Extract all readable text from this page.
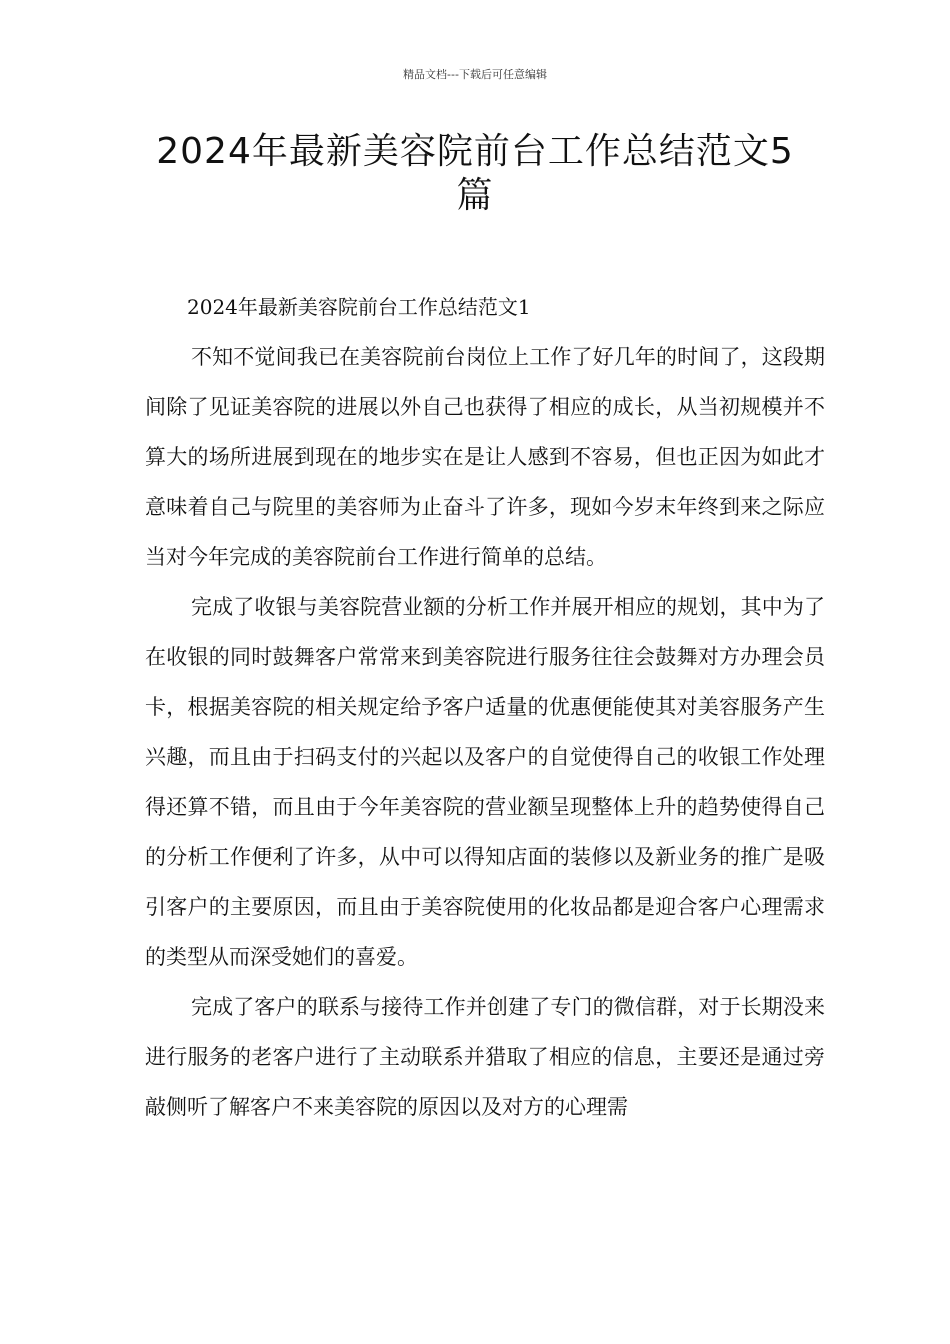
精品文档---下载后可任意编辑
2024年最新美容院前台工作总结范文5篇

2024年最新美容院前台工作总结范文1

不知不觉间我已在美容院前台岗位上工作了好几年的时间了，这段期间除了见证美容院的进展以外自己也获得了相应的成长，从当初规模并不算大的场所进展到现在的地步实在是让人感到不容易，但也正因为如此才意味着自己与院里的美容师为止奋斗了许多，现如今岁末年终到来之际应当对今年完成的美容院前台工作进行简单的总结。

完成了收银与美容院营业额的分析工作并展开相应的规划，其中为了在收银的同时鼓舞客户常常来到美容院进行服务往往会鼓舞对方办理会员卡，根据美容院的相关规定给予客户适量的优惠便能使其对美容服务产生兴趣，而且由于扫码支付的兴起以及客户的自觉使得自己的收银工作处理得还算不错，而且由于今年美容院的营业额呈现整体上升的趋势使得自己的分析工作便利了许多，从中可以得知店面的装修以及新业务的推广是吸引客户的主要原因，而且由于美容院使用的化妆品都是迎合客户心理需求的类型从而深受她们的喜爱。

完成了客户的联系与接待工作并创建了专门的微信群，对于长期没来进行服务的老客户进行了主动联系并猎取了相应的信息，主要还是通过旁敲侧听了解客户不来美容院的原因以及对方的心理需
